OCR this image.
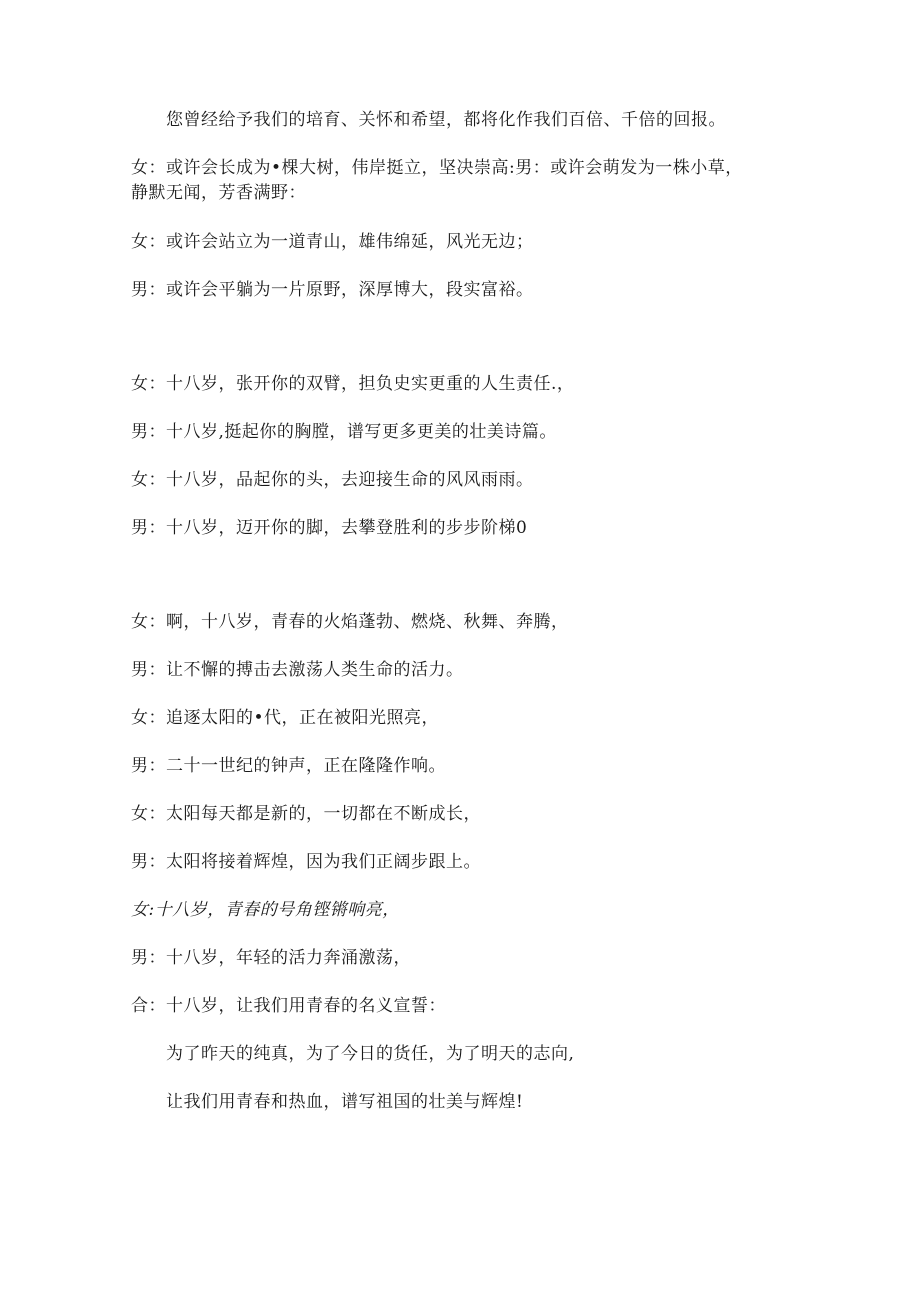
您曾经给予我们的培育、关怀和希望，都将化作我们百倍、千倍的回报。
女：或许会长成为•棵大树，伟岸挺立，坚决崇高:男：或许会萌发为一株小草，静默无闻，芳香满野：
女：或许会站立为一道青山，雄伟绵延，风光无边；
男：或许会平躺为一片原野，深厚博大，段实富裕。
女：十八岁，张开你的双臂，担负史实更重的人生责任.，
男：十八岁,挺起你的胸膛，谱写更多更美的壮美诗篇。
女：十八岁，品起你的头，去迎接生命的风风雨雨。
男：十八岁，迈开你的脚，去攀登胜利的步步阶梯0
女：啊，十八岁，青春的火焰蓬勃、燃烧、秋舞、奔腾，
男：让不懈的搏击去激荡人类生命的活力。
女：追逐太阳的•代，正在被阳光照亮，
男：二十一世纪的钟声，正在隆隆作响。
女：太阳每天都是新的，一切都在不断成长，
男：太阳将接着辉煌，因为我们正阔步跟上。
女:十八岁，青春的号角铿锵响亮，
男：十八岁，年轻的活力奔涌激荡，
合：十八岁，让我们用青春的名义宣誓：
为了昨天的纯真，为了今日的货任，为了明天的志向,
让我们用青春和热血，谱写祖国的壮美与辉煌!
